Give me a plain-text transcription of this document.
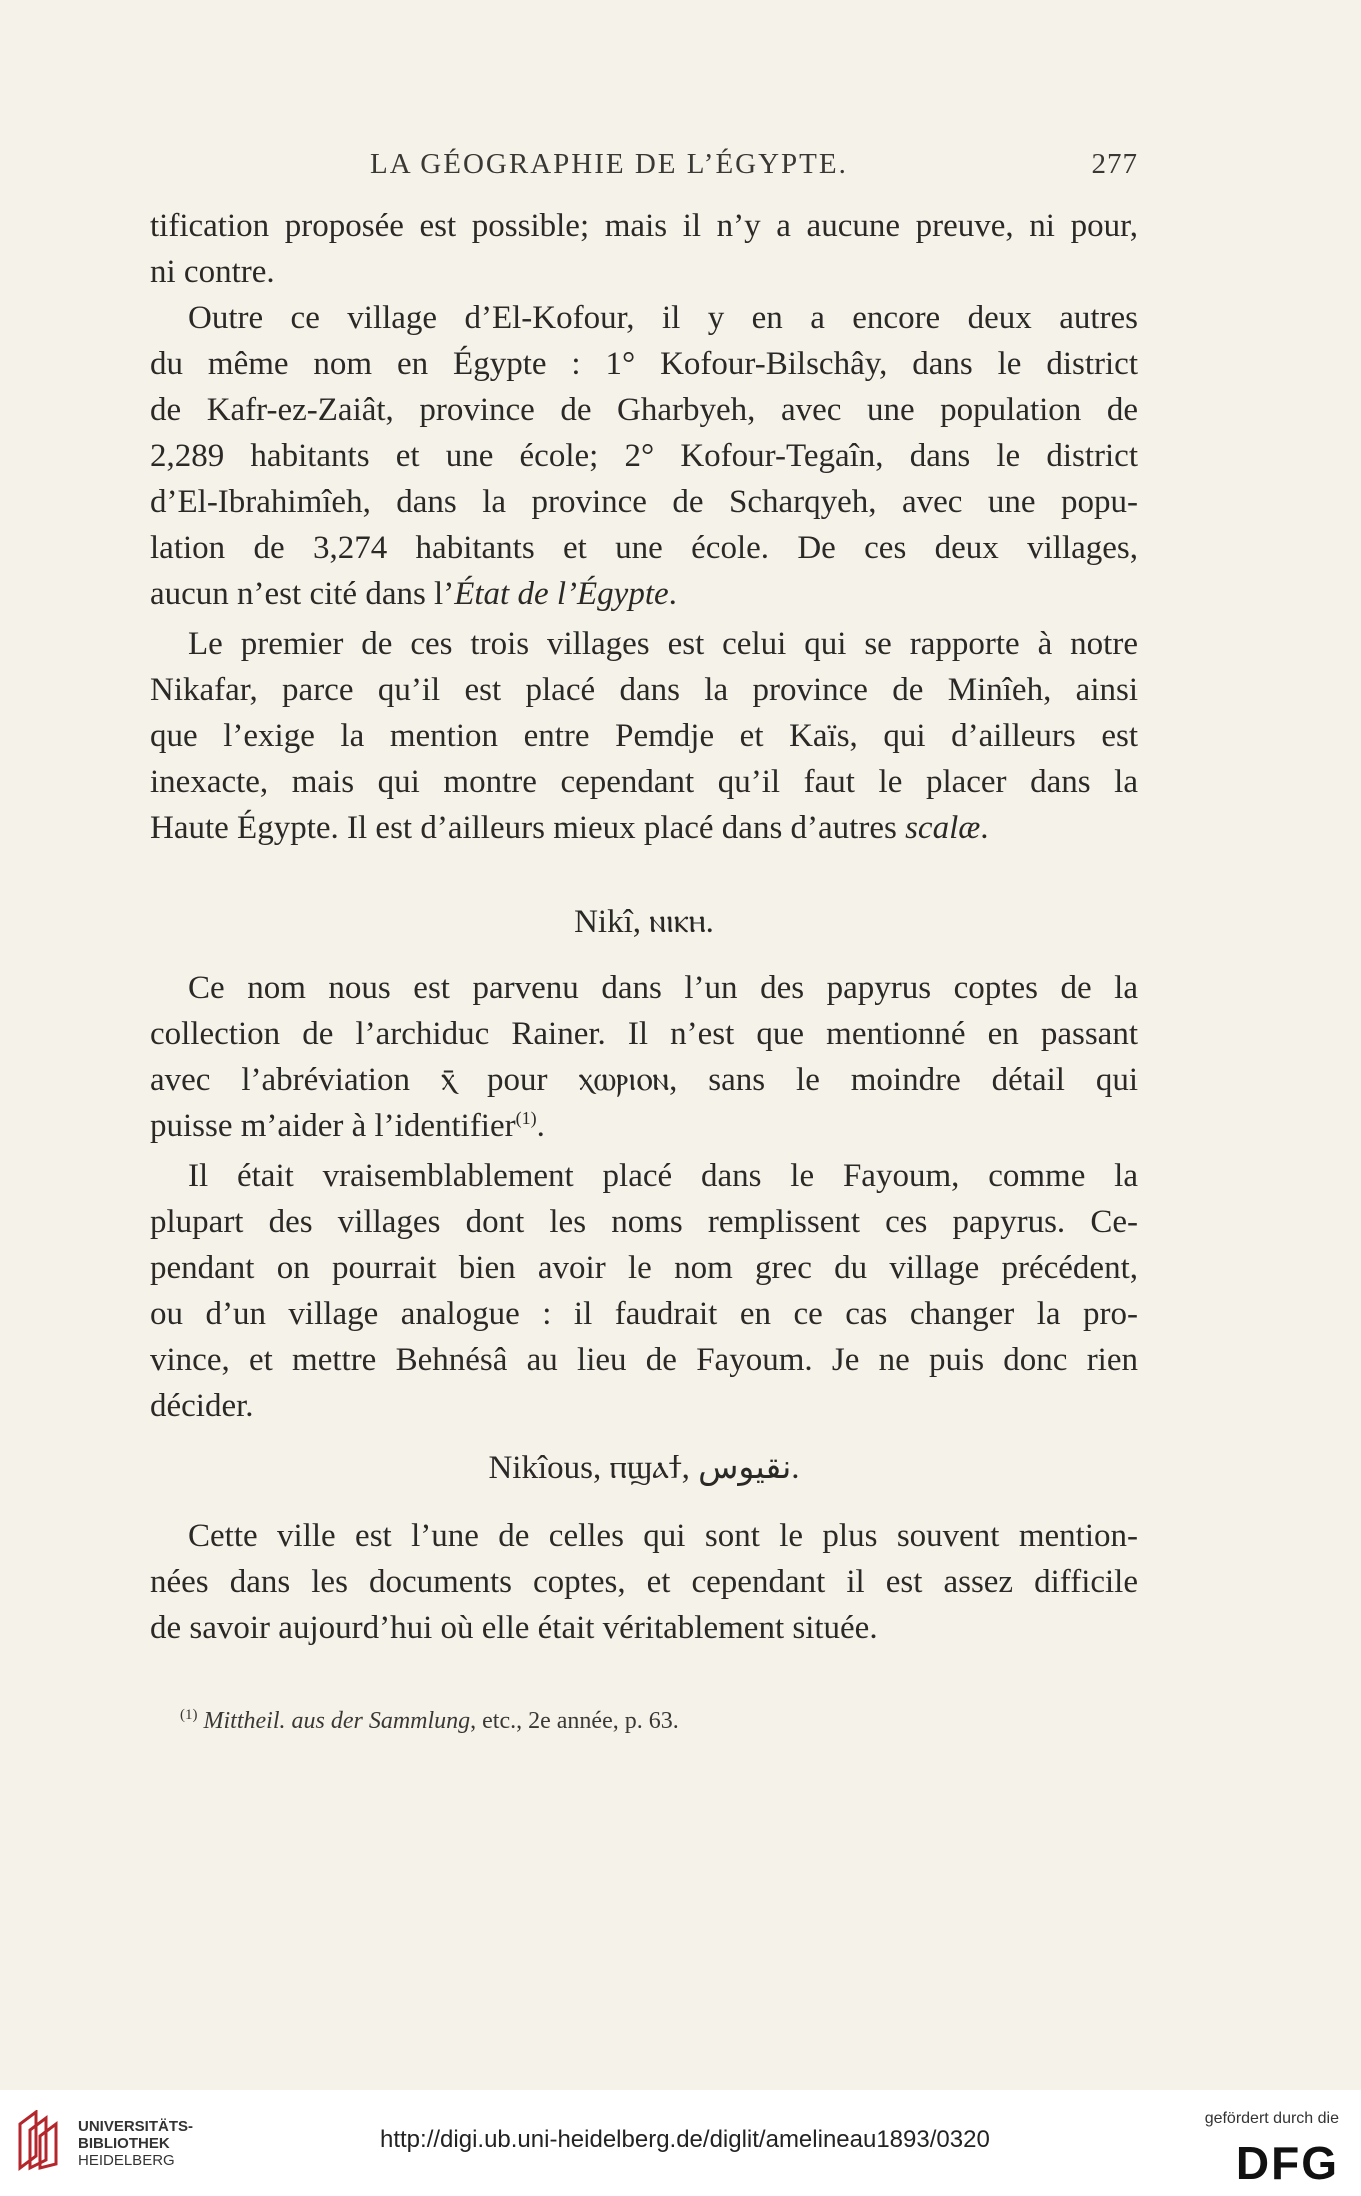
LA GÉOGRAPHIE DE L’ÉGYPTE.	277
tification proposée est possible; mais il n’y a aucune preuve, ni pour,
ni contre.
Outre ce village d’El-Kofour, il y en a encore deux autres
du même nom en Égypte : 1° Kofour-Bilschây, dans le district
de Kafr-ez-Zaiât, province de Gharbyeh, avec une population de
2,289 habitants et une école; 2° Kofour-Tegaîn, dans le district
d’El-Ibrahimîeh, dans la province de Scharqyeh, avec une popu-
lation de 3,274 habitants et une école. De ces deux villages,
aucun n’est cité dans l’État de l’Égypte.
Le premier de ces trois villages est celui qui se rapporte à notre
Nikafar, parce qu’il est placé dans la province de Minîeh, ainsi
que l’exige la mention entre Pemdje et Kaïs, qui d’ailleurs est
inexacte, mais qui montre cependant qu’il faut le placer dans la
Haute Égypte. Il est d’ailleurs mieux placé dans d’autres scalæ.
Nikî, ⲛⲓⲕⲏ.
Ce nom nous est parvenu dans l’un des papyrus coptes de la
collection de l’archiduc Rainer. Il n’est que mentionné en passant
avec l’abréviation ⲭ̄ pour ⲭⲱⲣⲓⲟⲛ, sans le moindre détail qui
puisse m’aider à l’identifier$^{(1)}$.
Il était vraisemblablement placé dans le Fayoum, comme la
plupart des villages dont les noms remplissent ces papyrus. Ce-
pendant on pourrait bien avoir le nom grec du village précédent,
ou d’un village analogue : il faudrait en ce cas changer la pro-
vince, et mettre Behnésâ au lieu de Fayoum. Je ne puis donc rien
décider.
Nikîous, ⲡϣⲁϯ, نقيوس.
Cette ville est l’une de celles qui sont le plus souvent mention-
nées dans les documents coptes, et cependant il est assez difficile
de savoir aujourd’hui où elle était véritablement située.
$^{(1)}$ Mittheil. aus der Sammlung, etc., 2e année, p. 63.
UNIVERSITÄTS-
BIBLIOTHEK
HEIDELBERG
http://digi.ub.uni-heidelberg.de/diglit/amelineau1893/0320
gefördert durch die
DFG
